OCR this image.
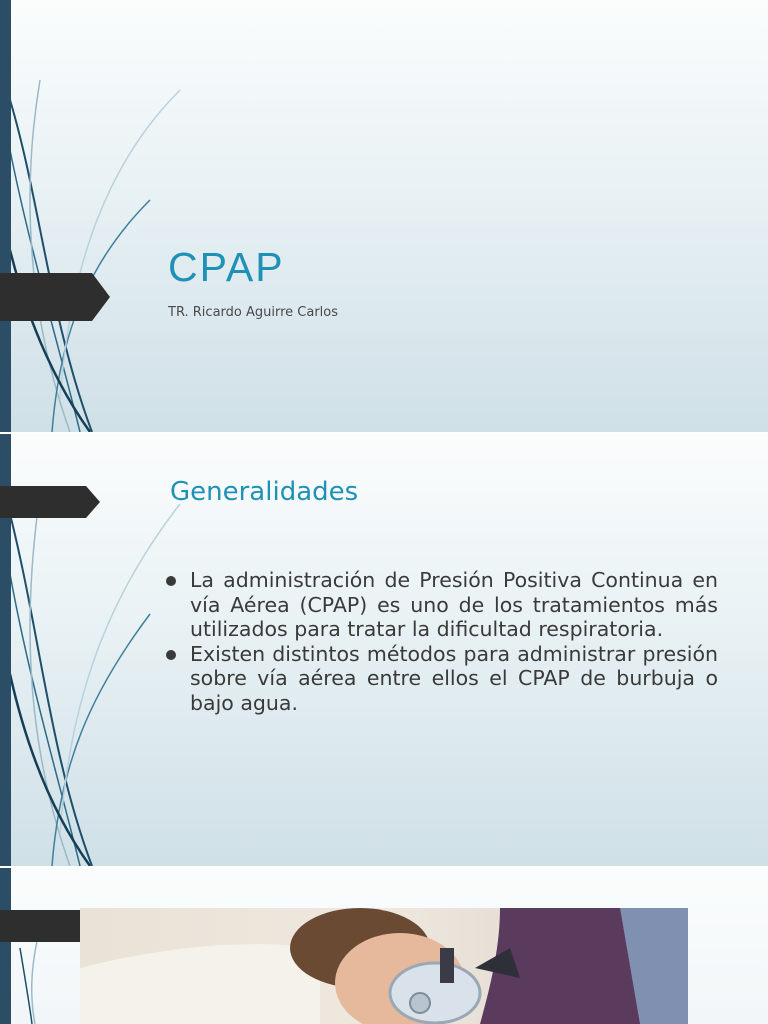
CPAP
TR. Ricardo Aguirre Carlos
Generalidades
La administración de Presión Positiva Continua en vía Aérea (CPAP) es uno de los tratamientos más utilizados para tratar la dificultad respiratoria.
Existen distintos métodos para administrar presión sobre vía aérea entre ellos el CPAP de burbuja o bajo agua.
